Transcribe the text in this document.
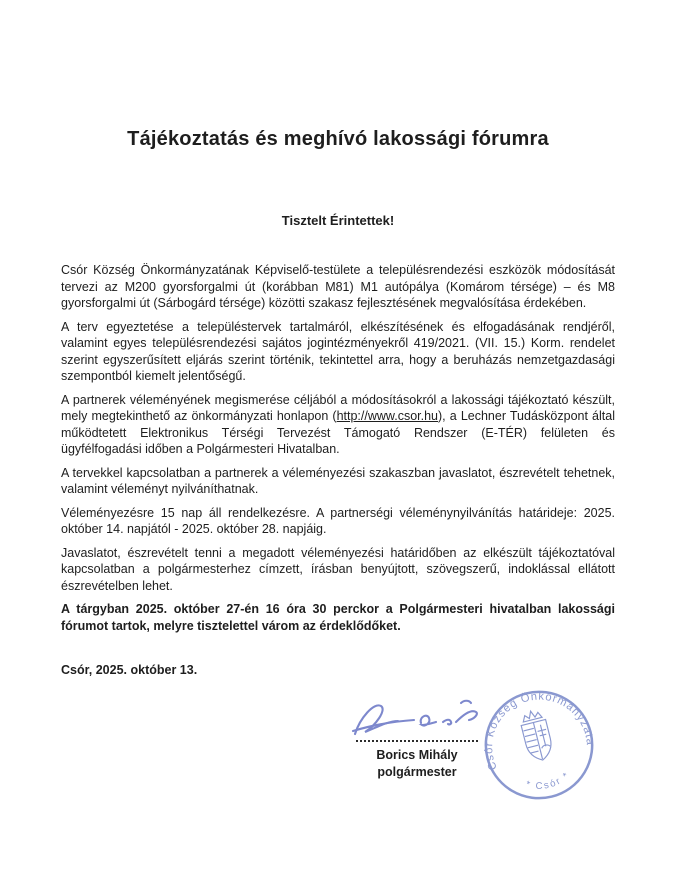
Tájékoztatás és meghívó lakossági fórumra
Tisztelt Érintettek!

Csór Község Önkormányzatának Képviselő-testülete a településrendezési eszközök módosítását tervezi az M200 gyorsforgalmi út (korábban M81) M1 autópálya (Komárom térsége) – és M8 gyorsforgalmi út (Sárbogárd térsége) közötti szakasz fejlesztésének megvalósítása érdekében.

A terv egyeztetése a településtervek tartalmáról, elkészítésének és elfogadásának rendjéről, valamint egyes településrendezési sajátos jogintézményekről 419/2021. (VII. 15.) Korm. rendelet szerint egyszerűsített eljárás szerint történik, tekintettel arra, hogy a beruházás nemzetgazdasági szempontból kiemelt jelentőségű.

A partnerek véleményének megismerése céljából a módosításokról a lakossági tájékoztató készült, mely megtekinthető az önkormányzati honlapon (http://www.csor.hu), a Lechner Tudásközpont által működtetett Elektronikus Térségi Tervezést Támogató Rendszer (E-TÉR) felületen és ügyfélfogadási időben a Polgármesteri Hivatalban.

A tervekkel kapcsolatban a partnerek a véleményezési szakaszban javaslatot, észrevételt tehetnek, valamint véleményt nyilváníthatnak.

Véleményezésre 15 nap áll rendelkezésre. A partnerségi véleménynyilvánítás határideje: 2025. október 14. napjától - 2025. október 28. napjáig.

Javaslatot, észrevételt tenni a megadott véleményezési határidőben az elkészült tájékoztatóval kapcsolatban a polgármesterhez címzett, írásban benyújtott, szövegszerű, indoklással ellátott észrevételben lehet.

A tárgyban 2025. október 27-én 16 óra 30 perckor a Polgármesteri hivatalban lakossági fórumot tartok, melyre tisztelettel várom az érdeklődőket.

Csór, 2025. október 13.
Borics Mihály
polgármester	Csór Község Önkormányzata
* Csór *
